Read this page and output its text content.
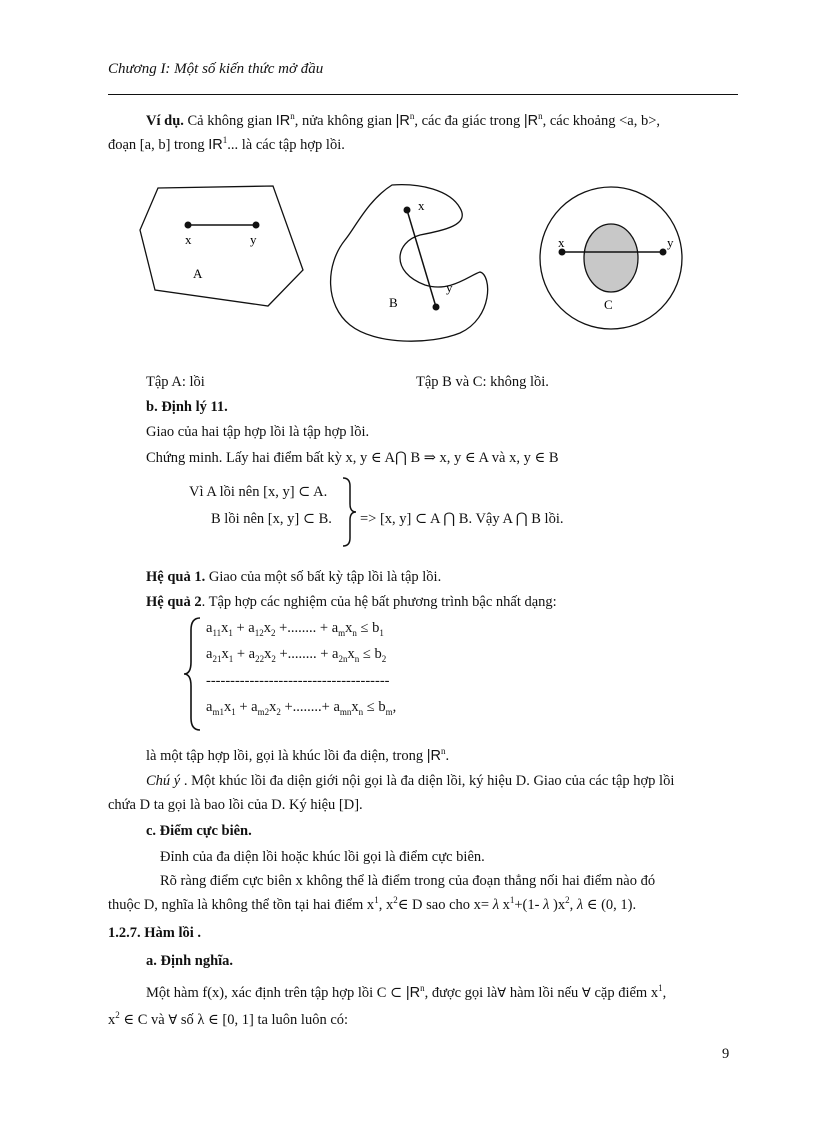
Chương I: Một số kiến thức mở đầu
Ví dụ. Cả không gian $IR^n$, nửa không gian $|R^n$, các đa giác trong $|R^n$, các khoảng <a, b>,
đoạn [a, b] trong $IR^1$... là các tập hợp lồi.
x	y
A
x
y
B
x	y
C
Tập A: lồi	Tập B và C: không lồi.
b. Định lý 11.
Giao của hai tập hợp lồi là tập hợp lồi.
Chứng minh. Lấy hai điểm bất kỳ x, y ∈ A⋂ B ⇒ x, y ∈ A và x, y ∈ B
Vì A lồi nên [x, y] ⊂ A.
B lồi nên [x, y] ⊂ B. => [x, y] ⊂ A ⋂ B. Vậy A ⋂ B lồi.
Hệ quả 1. Giao của một số bất kỳ tập lồi là tập lồi.
Hệ quả 2. Tập hợp các nghiệm của hệ bất phương trình bậc nhất dạng:
$a_{11}x_1 + a_{12}x_2$ +........ + $a_mx_n \le b_1$
$a_{21}x_1 + a_{22}x_2$ +........ + $a_{2n}x_n \le b_2$
--------------------------------------
$a_{m1}x_1 + a_{m2}x_2$ +........+ $a_{mn}x_n \le b_m$,
là một tập hợp lồi, gọi là khúc lồi đa diện, trong $|R^n$.
Chú ý . Một khúc lồi đa diện giới nội gọi là đa diện lồi, ký hiệu D. Giao của các tập hợp lồi
chứa D ta gọi là bao lồi của D. Ký hiệu [D].
c. Điểm cực biên.
Đỉnh của đa diện lồi hoặc khúc lồi gọi là điểm cực biên.
Rõ ràng điểm cực biên x không thể là điểm trong của đoạn thẳng nối hai điểm nào đó
thuộc D, nghĩa là không thể tồn tại hai điểm $x^1$, $x^2\in$ D sao cho x= λ $x^1+(1-$ λ )$x^2$, λ ∈ (0, 1).
1.2.7. Hàm lồi .
a. Định nghĩa.
Một hàm f(x), xác định trên tập hợp lồi C ⊂ $|R^n$, được gọi là∀ hàm lồi nếu ∀ cặp điểm $x^1$,
$x^2$ ∈ C và ∀ số λ ∈ [0, 1] ta luôn luôn có:
9
